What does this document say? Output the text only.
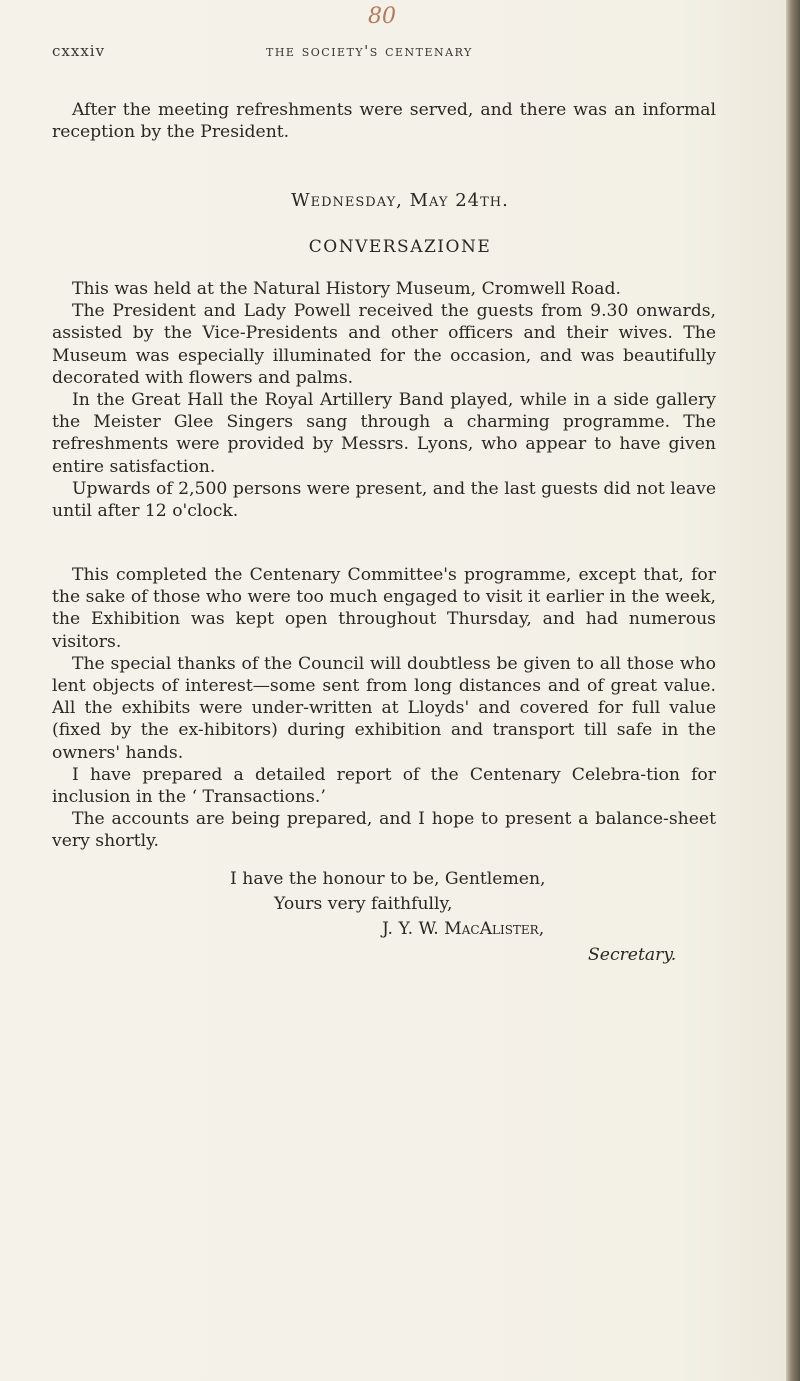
80
cxxxiv	the society's centenary

After the meeting refreshments were served, and there was an informal reception by the President.

Wednesday, May 24th.
CONVERSAZIONE

This was held at the Natural History Museum, Cromwell Road.

The President and Lady Powell received the guests from 9.30 onwards, assisted by the Vice-Presidents and other officers and their wives. The Museum was especially illuminated for the occasion, and was beautifully decorated with flowers and palms.

In the Great Hall the Royal Artillery Band played, while in a side gallery the Meister Glee Singers sang through a charming programme. The refreshments were provided by Messrs. Lyons, who appear to have given entire satisfaction.

Upwards of 2,500 persons were present, and the last guests did not leave until after 12 o'clock.

This completed the Centenary Committee's programme, except that, for the sake of those who were too much engaged to visit it earlier in the week, the Exhibition was kept open throughout Thursday, and had numerous visitors.

The special thanks of the Council will doubtless be given to all those who lent objects of interest—some sent from long distances and of great value. All the exhibits were under-written at Lloyds' and covered for full value (fixed by the ex-hibitors) during exhibition and transport till safe in the owners' hands.

I have prepared a detailed report of the Centenary Celebra-tion for inclusion in the ‘ Transactions.’

The accounts are being prepared, and I hope to present a balance-sheet very shortly.

I have the honour to be, Gentlemen,
Yours very faithfully,
J. Y. W. MacAlister,
Secretary.
